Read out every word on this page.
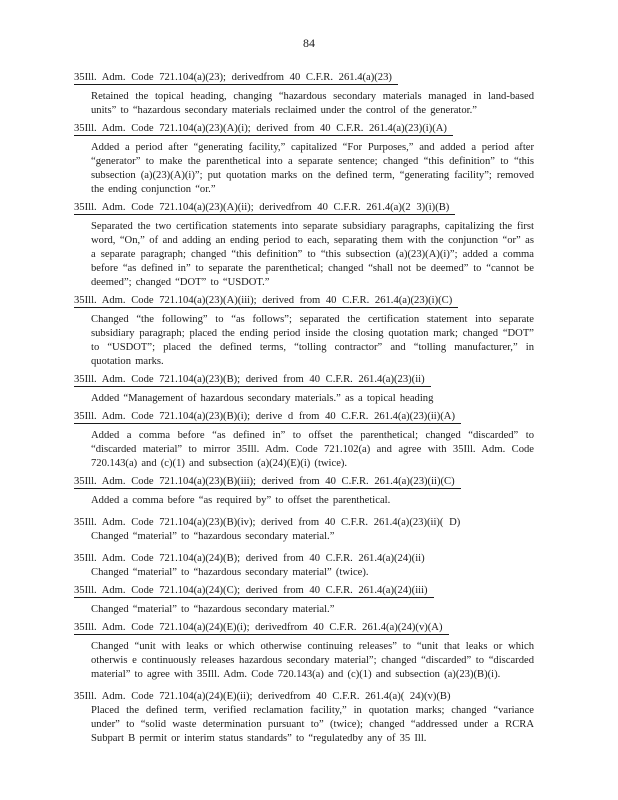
84
35Ill. Adm. Code 721.104(a)(23); derivedfrom 40 C.F.R. 261.4(a)(23)
Retained the topical heading, changing “hazardous secondary materials managed in land-based units” to “hazardous secondary materials reclaimed under the control of the generator.”
35Ill. Adm. Code 721.104(a)(23)(A)(i); derived from 40 C.F.R. 261.4(a)(23)(i)(A)
Added a period after “generating facility,” capitalized “For Purposes,” and added a period after “generator” to make the parenthetical into a separate sentence; changed “this definition” to “this subsection (a)(23)(A)(i)”; put quotation marks on the defined term, “generating facility”; removed the ending conjunction “or.”
35Ill. Adm. Code 721.104(a)(23)(A)(ii); derivedfrom 40 C.F.R. 261.4(a)(2 3)(i)(B)
Separated the two certification statements into separate subsidiary paragraphs, capitalizing the first word, “On,” of and adding an ending period to each, separating them with the conjunction “or” as a separate paragraph; changed “this definition” to “this subsection (a)(23)(A)(i)”; added a comma before “as defined in” to separate the parenthetical; changed “shall not be deemed” to “cannot be deemed”; changed “DOT” to “USDOT.”
35Ill. Adm. Code 721.104(a)(23)(A)(iii); derived from 40 C.F.R. 261.4(a)(23)(i)(C)
Changed “the following” to “as follows”; separated the certification statement into separate subsidiary paragraph; placed the ending period inside the closing quotation mark; changed “DOT” to “USDOT”; placed the defined terms, “tolling contractor” and “tolling manufacturer,” in quotation marks.
35Ill. Adm. Code 721.104(a)(23)(B); derived from 40 C.F.R. 261.4(a)(23)(ii)
Added “Management of hazardous secondary materials.” as a topical heading
35Ill. Adm. Code 721.104(a)(23)(B)(i); derive d from 40 C.F.R. 261.4(a)(23)(ii)(A)
Added a comma before “as defined in” to offset the parenthetical; changed “discarded” to “discarded material” to mirror 35Ill. Adm. Code 721.102(a) and agree with 35Ill. Adm. Code 720.143(a) and (c)(1) and subsection (a)(24)(E)(i) (twice).
35Ill. Adm. Code 721.104(a)(23)(B)(iii); derived from 40 C.F.R. 261.4(a)(23)(ii)(C)
Added a comma before “as required by” to offset the parenthetical.
35Ill. Adm. Code 721.104(a)(23)(B)(iv); derived from 40 C.F.R. 261.4(a)(23)(ii)( D)
Changed “material” to “hazardous secondary material.”
35Ill. Adm. Code 721.104(a)(24)(B); derived from 40 C.F.R. 261.4(a)(24)(ii)
Changed “material” to “hazardous secondary material” (twice).
35Ill. Adm. Code 721.104(a)(24)(C); derived from 40 C.F.R. 261.4(a)(24)(iii)
Changed “material” to “hazardous secondary material.”
35Ill. Adm. Code 721.104(a)(24)(E)(i); derivedfrom 40 C.F.R. 261.4(a)(24)(v)(A)
Changed “unit with leaks or which otherwise continuing releases” to “unit that leaks or which otherwis e continuously releases hazardous secondary material”; changed “discarded” to “discarded material” to agree with 35Ill. Adm. Code 720.143(a) and (c)(1) and subsection (a)(23)(B)(i).
35Ill. Adm. Code 721.104(a)(24)(E)(ii); derivedfrom 40 C.F.R. 261.4(a)( 24)(v)(B)
Placed the defined term, verified reclamation facility,” in quotation marks; changed “variance under” to “solid waste determination pursuant to” (twice); changed “addressed under a RCRA Subpart B permit or interim status standards” to “regulatedby any of 35 Ill.
